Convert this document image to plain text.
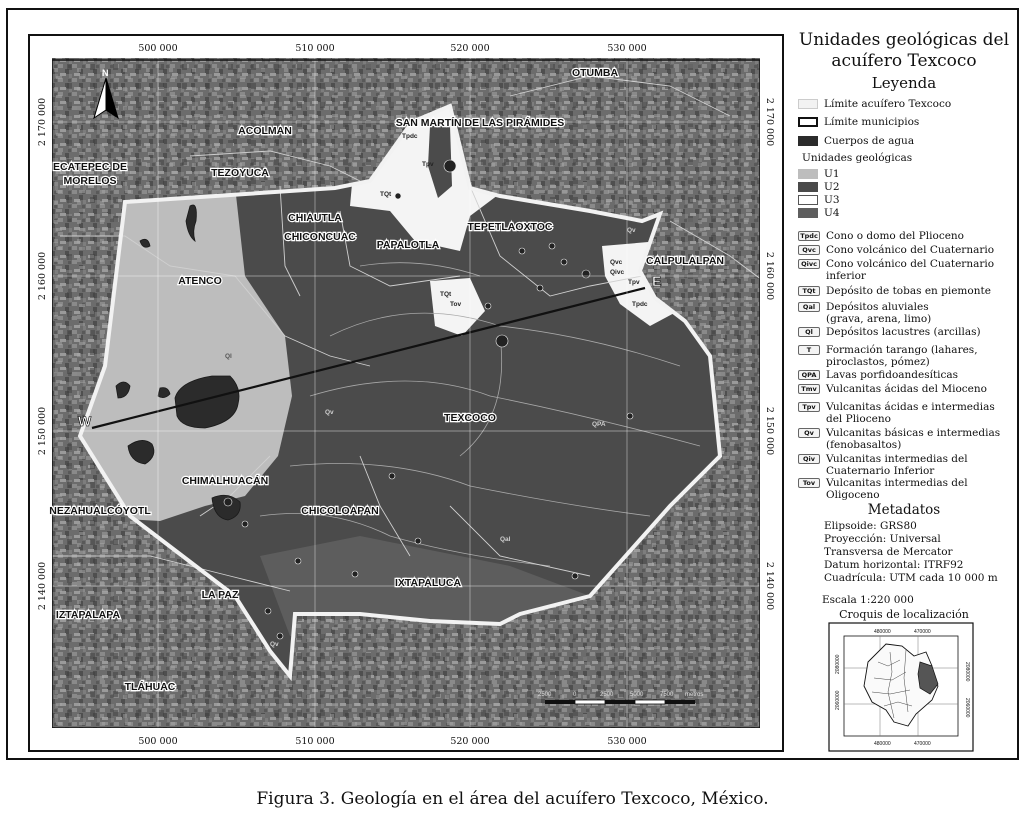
W
E
500 000	510 000	520 000	530 000
500 000	510 000	520 000	530 000
2 170 000
2 160 000
2 150 000
2 140 000
2 170 000
2 160 000
2 150 000
2 140 000
N	OTUMBA
SAN MARTÍN DE LAS PIRÁMIDES
ACOLMAN
ECATEPEC DE
MORELOS
TEZOYUCA
CHIAUTLA
CHICONCUAC
PAPALOTLA
TEPETLAOXTOC
CALPULALPAN
ATENCO
TEXCOCO
CHIMALHUACÁN
NEZAHUALCÓYOTL	CHICOLOAPAN
IXTAPALUCA
LA PAZ
IZTAPALAPA
TLÁHUAC
Tpdc
Tpv
TQt
Tov
TQt
Qvc
Qivc
Tpv
Tpdc
QPA
Qv
Ql
Qal
Qv
Qv
2500	0	2500	5000	7500 metros
Unidades geológicas del acuífero Texcoco
Leyenda
Límite acuífero Texcoco
Límite municipios
Cuerpos de agua
Unidades geológicas
U1
U2
U3
U4
Tpdc Cono o domo del Plioceno
Qvc Cono volcánico del Cuaternario
Qivc Cono volcánico del Cuaternario inferior
TQt Depósito de tobas en piemonte
Qal	Depósitos aluviales (grava, arena, limo)
Ql	Depósitos lacustres (arcillas)
T	Formación tarango (lahares, piroclastos, pómez)
QPA Lavas porfidoandesíticas
Tmv Vulcanitas ácidas del Mioceno
Tpv Vulcanitas ácidas e intermedias del Plioceno
Qv	Vulcanitas básicas e intermedias (fenobasaltos)
Qiv	Vulcanitas intermedias del Cuaternario Inferior
Tov	Vulcanitas intermedias del Oligoceno
Metadatos
Elipsoide: GRS80
Proyección: Universal
Transversa de Mercator
Datum horizontal: ITRF92
Cuadrícula: UTM cada 10 000 m
Escala 1:220 000
Croquis de localización
480000	470000
2060000
2080000
480000	470000
2060000
2080000
Figura 3. Geología en el área del acuífero Texcoco, México.
